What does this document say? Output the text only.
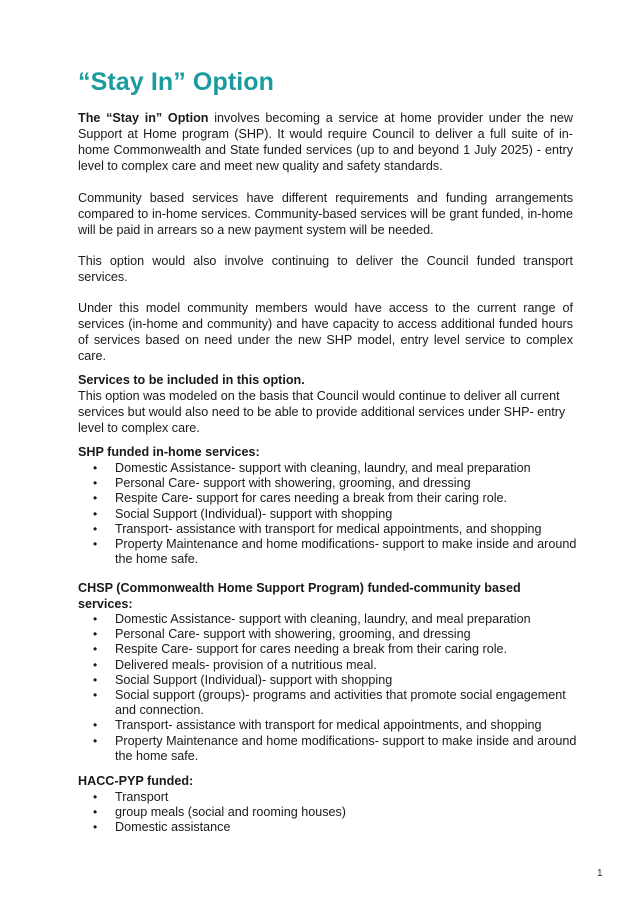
“Stay In” Option

The “Stay in” Option involves becoming a service at home provider under the new Support at Home program (SHP). It would require Council to deliver a full suite of in-home Commonwealth and State funded services (up to and beyond 1 July 2025) - entry level to complex care and meet new quality and safety standards.

Community based services have different requirements and funding arrangements compared to in-home services. Community-based services will be grant funded, in-home will be paid in arrears so a new payment system will be needed.

This option would also involve continuing to deliver the Council funded transport services.

Under this model community members would have access to the current range of services (in-home and community) and have capacity to access additional funded hours of services based on need under the new SHP model, entry level service to complex care.

Services to be included in this option.

This option was modeled on the basis that Council would continue to deliver all current services but would also need to be able to provide additional services under SHP- entry level to complex care.

SHP funded in-home services:

• Domestic Assistance- support with cleaning, laundry, and meal preparation
• Personal Care- support with showering, grooming, and dressing
• Respite Care- support for cares needing a break from their caring role.
• Social Support (Individual)- support with shopping
• Transport- assistance with transport for medical appointments, and shopping
• Property Maintenance and home modifications- support to make inside and around the home safe.

CHSP (Commonwealth Home Support Program) funded-community based services:

• Domestic Assistance- support with cleaning, laundry, and meal preparation
• Personal Care- support with showering, grooming, and dressing
• Respite Care- support for cares needing a break from their caring role.
• Delivered meals- provision of a nutritious meal.
• Social Support (Individual)- support with shopping
• Social support (groups)- programs and activities that promote social engagement and connection.
• Transport- assistance with transport for medical appointments, and shopping
• Property Maintenance and home modifications- support to make inside and around the home safe.

HACC-PYP funded:

• Transport
• group meals (social and rooming houses)
• Domestic assistance
1
